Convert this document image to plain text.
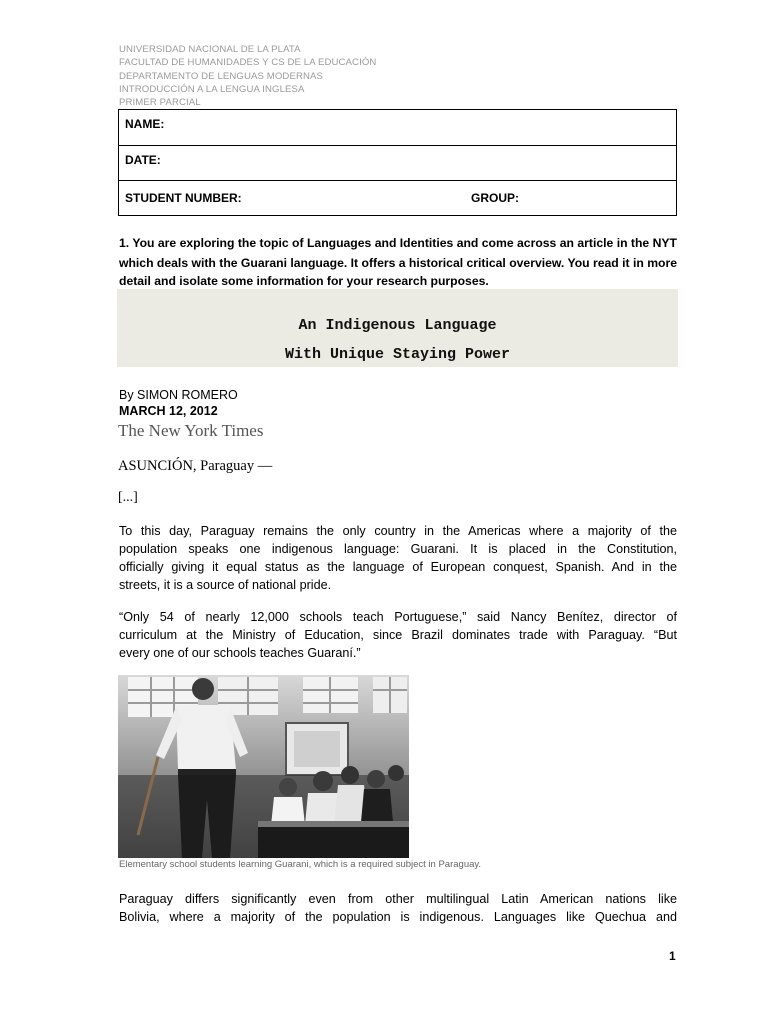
UNIVERSIDAD NACIONAL DE LA PLATA
FACULTAD DE HUMANIDADES Y CS DE LA EDUCACIÓN
DEPARTAMENTO DE LENGUAS MODERNAS
INTRODUCCIÓN A LA LENGUA INGLESA
PRIMER PARCIAL
NAME:
DATE:
STUDENT NUMBER:	GROUP:
1. You are exploring the topic of Languages and Identities and come across an article in the NYT
which deals with the Guarani language. It offers a historical critical overview. You read it in more
detail and isolate some information for your research purposes.
An Indigenous Language
With Unique Staying Power
By SIMON ROMERO
MARCH 12, 2012
The New York Times
ASUNCIÓN, Paraguay —
[...]
To this day, Paraguay remains the only country in the Americas where a majority of the
population speaks one indigenous language: Guarani. It is placed in the Constitution,
officially giving it equal status as the language of European conquest, Spanish. And in the
streets, it is a source of national pride.
“Only 54 of nearly 12,000 schools teach Portuguese,” said Nancy Benítez, director of
curriculum at the Ministry of Education, since Brazil dominates trade with Paraguay. “But
every one of our schools teaches Guaraní.”
Elementary school students learning Guarani, which is a required subject in Paraguay.
Paraguay differs significantly even from other multilingual Latin American nations like
Bolivia, where a majority of the population is indigenous. Languages like Quechua and
1
